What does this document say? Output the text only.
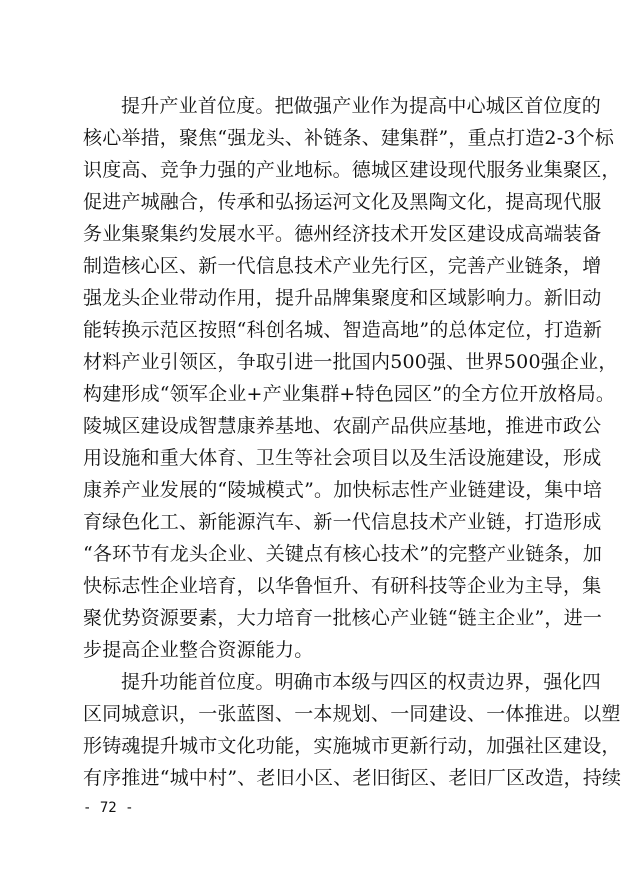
提升产业首位度。把做强产业作为提高中心城区首位度的
核心举措，聚焦“强龙头、补链条、建集群”，重点打造2-3个标
识度高、竞争力强的产业地标。德城区建设现代服务业集聚区，
促进产城融合，传承和弘扬运河文化及黑陶文化，提高现代服
务业集聚集约发展水平。德州经济技术开发区建设成高端装备
制造核心区、新一代信息技术产业先行区，完善产业链条，增
强龙头企业带动作用，提升品牌集聚度和区域影响力。新旧动
能转换示范区按照“科创名城、智造高地”的总体定位，打造新
材料产业引领区，争取引进一批国内500强、世界500强企业，
构建形成“领军企业+产业集群+特色园区”的全方位开放格局。
陵城区建设成智慧康养基地、农副产品供应基地，推进市政公
用设施和重大体育、卫生等社会项目以及生活设施建设，形成
康养产业发展的“陵城模式”。加快标志性产业链建设，集中培
育绿色化工、新能源汽车、新一代信息技术产业链，打造形成
“各环节有龙头企业、关键点有核心技术”的完整产业链条，加
快标志性企业培育，以华鲁恒升、有研科技等企业为主导，集
聚优势资源要素，大力培育一批核心产业链“链主企业”，进一
步提高企业整合资源能力。
提升功能首位度。明确市本级与四区的权责边界，强化四
区同城意识，一张蓝图、一本规划、一同建设、一体推进。以塑
形铸魂提升城市文化功能，实施城市更新行动，加强社区建设，
有序推进“城中村”、老旧小区、老旧街区、老旧厂区改造，持续
- 72 -
